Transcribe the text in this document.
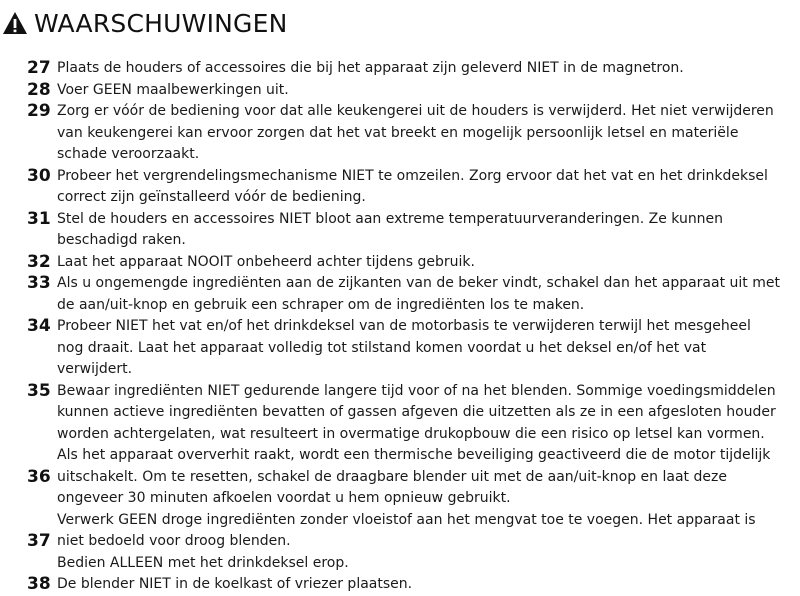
WAARSCHUWINGEN
27 Plaats de houders of accessoires die bij het apparaat zijn geleverd NIET in de magnetron.
28 Voer GEEN maalbewerkingen uit.
29 Zorg er vóór de bediening voor dat alle keukengerei uit de houders is verwijderd. Het niet verwijderen
van keukengerei kan ervoor zorgen dat het vat breekt en mogelijk persoonlijk letsel en materiële
schade veroorzaakt.
30 Probeer het vergrendelingsmechanisme NIET te omzeilen. Zorg ervoor dat het vat en het drinkdeksel
correct zijn geïnstalleerd vóór de bediening.
31 Stel de houders en accessoires NIET bloot aan extreme temperatuurveranderingen. Ze kunnen
beschadigd raken.
32 Laat het apparaat NOOIT onbeheerd achter tijdens gebruik.
33 Als u ongemengde ingrediënten aan de zijkanten van de beker vindt, schakel dan het apparaat uit met
de aan/uit-knop en gebruik een schraper om de ingrediënten los te maken.
34 Probeer NIET het vat en/of het drinkdeksel van de motorbasis te verwijderen terwijl het mesgeheel
nog draait. Laat het apparaat volledig tot stilstand komen voordat u het deksel en/of het vat
verwijdert.
35 Bewaar ingrediënten NIET gedurende langere tijd voor of na het blenden. Sommige voedingsmiddelen
kunnen actieve ingrediënten bevatten of gassen afgeven die uitzetten als ze in een afgesloten houder
worden achtergelaten, wat resulteert in overmatige drukopbouw die een risico op letsel kan vormen.
36
Als het apparaat oververhit raakt, wordt een thermische beveiliging geactiveerd die de motor tijdelijk
uitschakelt. Om te resetten, schakel de draagbare blender uit met de aan/uit-knop en laat deze
ongeveer 30 minuten afkoelen voordat u hem opnieuw gebruikt.
37
Verwerk GEEN droge ingrediënten zonder vloeistof aan het mengvat toe te voegen. Het apparaat is
niet bedoeld voor droog blenden.
Bedien ALLEEN met het drinkdeksel erop.
38 De blender NIET in de koelkast of vriezer plaatsen.
